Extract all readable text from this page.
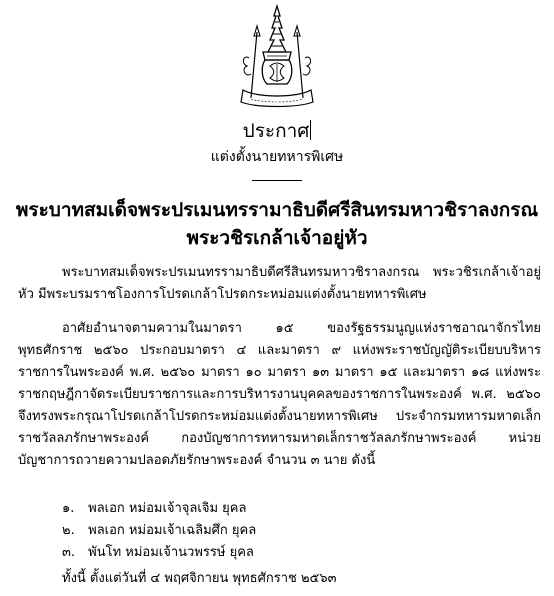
ประกาศ
แต่งตั้งนายทหารพิเศษ
พระบาทสมเด็จพระปรเมนทรรามาธิบดีศรีสินทรมหาวชิราลงกรณ
พระวชิรเกล้าเจ้าอยู่หัว

พระบาทสมเด็จพระปรเมนทรรามาธิบดีศรีสินทรมหาวชิราลงกรณ พระวชิรเกล้าเจ้าอยู่หัว มีพระบรมราชโองการโปรดเกล้าโปรดกระหม่อมแต่งตั้งนายทหารพิเศษ

อาศัยอำนาจตามความในมาตรา ๑๕ ของรัฐธรรมนูญแห่งราชอาณาจักรไทย พุทธศักราช ๒๕๖๐ ประกอบมาตรา ๔ และมาตรา ๙ แห่งพระราชบัญญัติระเบียบบริหารราชการในพระองค์ พ.ศ. ๒๕๖๐ มาตรา ๑๐ มาตรา ๑๓ มาตรา ๑๕ และมาตรา ๑๘ แห่งพระราชกฤษฎีกาจัดระเบียบราชการและการบริหารงานบุคคลของราชการในพระองค์ พ.ศ. ๒๕๖๐ จึงทรงพระกรุณาโปรดเกล้าโปรดกระหม่อมแต่งตั้งนายทหารพิเศษ ประจำกรมทหารมหาดเล็กราชวัลลภรักษาพระองค์ กองบัญชาการทหารมหาดเล็กราชวัลลภรักษาพระองค์ หน่วยบัญชาการถวายความปลอดภัยรักษาพระองค์ จำนวน ๓ นาย ดังนี้

๑. พลเอก หม่อมเจ้าจุลเจิม ยุคล
๒. พลเอก หม่อมเจ้าเฉลิมศึก ยุคล
๓. พันโท หม่อมเจ้านวพรรษ์ ยุคล
ทั้งนี้ ตั้งแต่วันที่ ๔ พฤศจิกายน พุทธศักราช ๒๕๖๓
